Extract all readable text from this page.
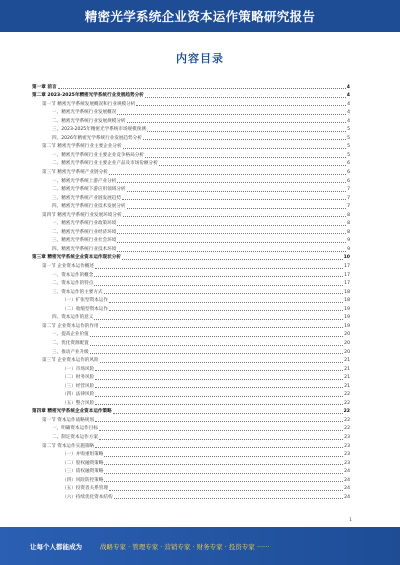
精密光学系统企业资本运作策略研究报告
内容目录
第一章 前言	4
第二章 2023-2025年精密光学系统行业发展趋势分析	4
第一节 精密光学系统发展概况和行业规模分析	4
一、精密光学系统行业发展概况	4
二、精密光学系统行业发展规模分析	4
三、2023-2025年精密光学系统市场规模预测	5
四、2026年精密光学系统行业发展趋势分析	5
第二节 精密光学系统行业主要企业分析	5
一、精密光学系统行业主要企业竞争格局分析	5
二、精密光学系统行业主要企业产品及市场份额分析	6
第三节 精密光学系统产业链分析	6
一、精密光学系统上游产业分析	6
二、精密光学系统下游应用领域分析	7
三、精密光学系统产业链发展趋势	7
四、精密光学系统行业技术发展分析	7
第四节 精密光学系统行业发展环境分析	8
一、精密光学系统行业政策环境	8
二、精密光学系统行业经济环境	8
三、精密光学系统行业社会环境	9
四、精密光学系统行业技术环境	9
第三章 精密光学系统企业资本运作现状分析	10
第一节 企业资本运作概述	17
一、资本运作的概念	17
二、资本运作的特点	17
三、资本运作的主要方式	18
（一）扩张型资本运作	18
（二）收缩型资本运作	19
四、资本运作的意义	19
第二节 企业资本运作的作用	19
一、提高企业价值	20
二、优化资源配置	20
三、推动产业升级	20
第三节 企业资本运作的风险	21
（一）市场风险	21
（二）财务风险	21
（三）经营风险	21
（四）法律风险	22
（五）整合风险	22
第四章 精密光学系统企业资本运作策略	22
第一节 资本运作战略规划	22
一、明确资本运作目标	22
二、制定资本运作方案	23
第二节 资本运作实施策略	23
（一）并购重组策略	23
（二）股权融资策略	23
（三）债权融资策略	24
（四）风险防控策略	24
（五）投资者关系管理	24
（六）持续优化资本结构	24
1
让每个人都能成为	战略专家 · 管理专家 · 营销专家 · 财务专家 · 投资专家 ······
